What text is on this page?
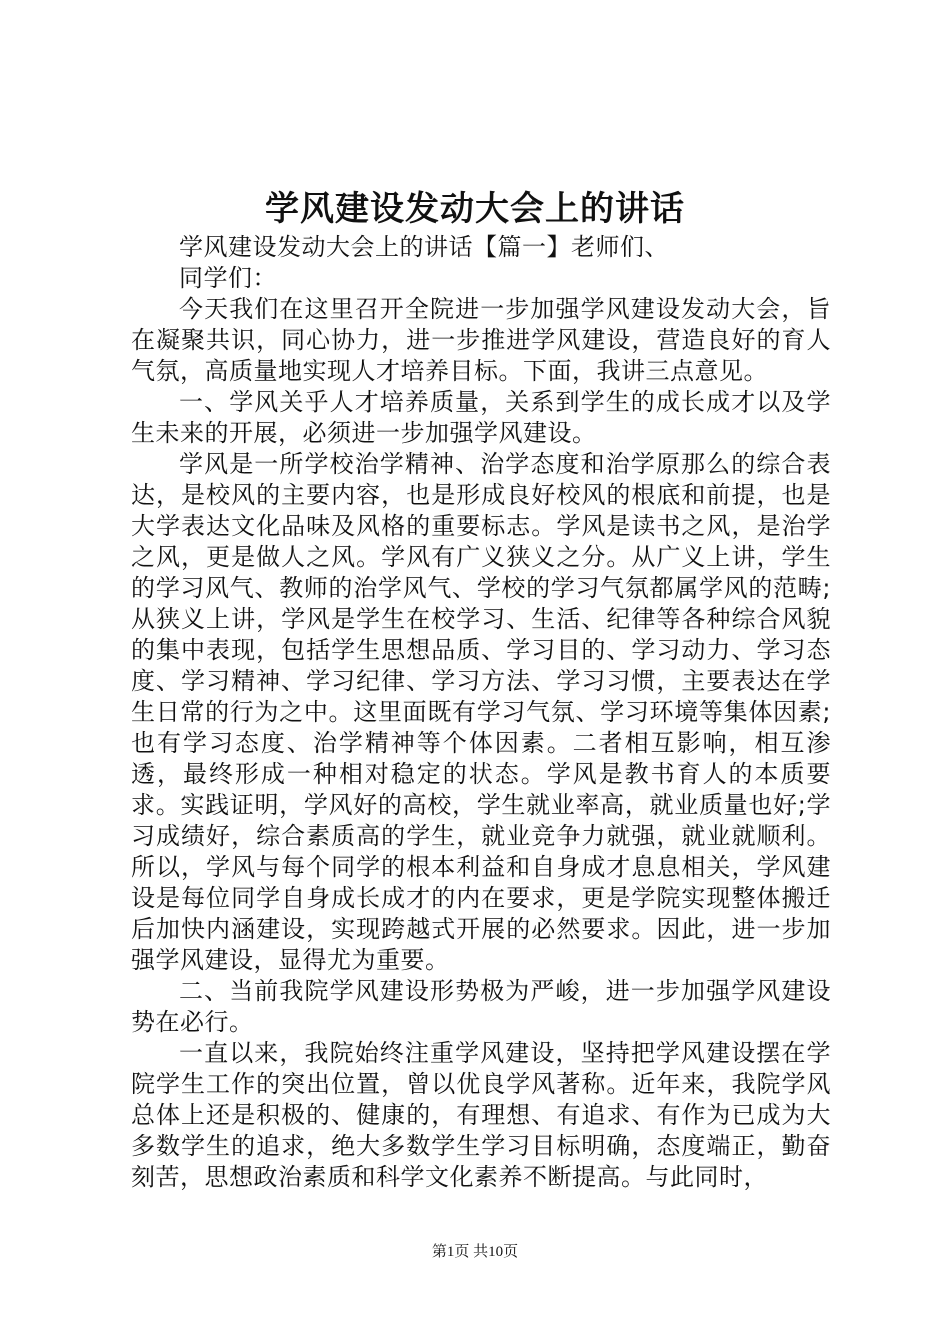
学风建设发动大会上的讲话

学风建设发动大会上的讲话【篇一】老师们、

同学们：

今天我们在这里召开全院进一步加强学风建设发动大会，旨在凝聚共识，同心协力，进一步推进学风建设，营造良好的育人气氛，高质量地实现人才培养目标。下面，我讲三点意见。

一、学风关乎人才培养质量，关系到学生的成长成才以及学生未来的开展，必须进一步加强学风建设。

学风是一所学校治学精神、治学态度和治学原那么的综合表达，是校风的主要内容，也是形成良好校风的根底和前提，也是大学表达文化品味及风格的重要标志。学风是读书之风，是治学之风，更是做人之风。学风有广义狭义之分。从广义上讲，学生的学习风气、教师的治学风气、学校的学习气氛都属学风的范畴;从狭义上讲，学风是学生在校学习、生活、纪律等各种综合风貌的集中表现，包括学生思想品质、学习目的、学习动力、学习态度、学习精神、学习纪律、学习方法、学习习惯，主要表达在学生日常的行为之中。这里面既有学习气氛、学习环境等集体因素;也有学习态度、治学精神等个体因素。二者相互影响，相互渗透，最终形成一种相对稳定的状态。学风是教书育人的本质要求。实践证明，学风好的高校，学生就业率高，就业质量也好;学习成绩好，综合素质高的学生，就业竞争力就强，就业就顺利。所以，学风与每个同学的根本利益和自身成才息息相关，学风建设是每位同学自身成长成才的内在要求，更是学院实现整体搬迁后加快内涵建设，实现跨越式开展的必然要求。因此，进一步加强学风建设，显得尤为重要。

二、当前我院学风建设形势极为严峻，进一步加强学风建设势在必行。

一直以来，我院始终注重学风建设，坚持把学风建设摆在学院学生工作的突出位置，曾以优良学风著称。近年来，我院学风总体上还是积极的、健康的，有理想、有追求、有作为已成为大多数学生的追求，绝大多数学生学习目标明确，态度端正，勤奋刻苦，思想政治素质和科学文化素养不断提高。与此同时，

第1页 共10页
